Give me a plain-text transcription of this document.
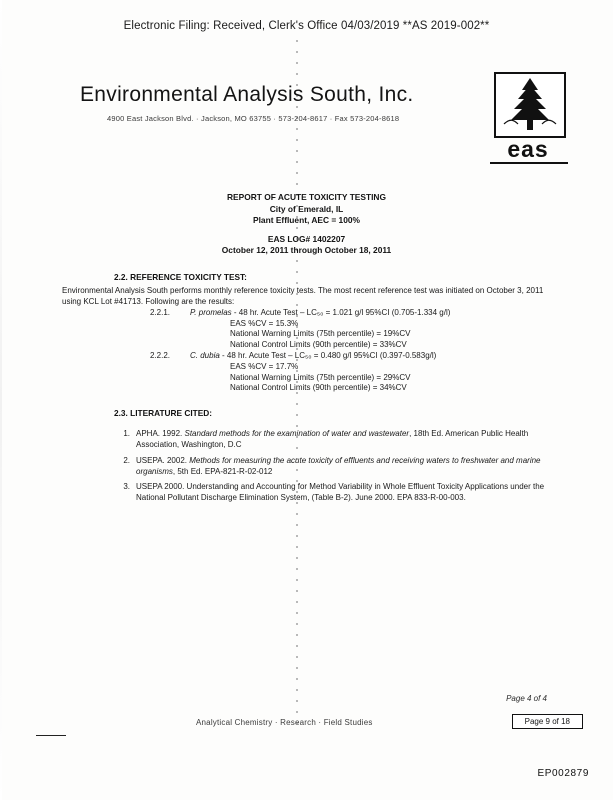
Electronic Filing: Received, Clerk's Office 04/03/2019 **AS 2019-002**
Environmental Analysis South, Inc.
4900 East Jackson Blvd. · Jackson, MO 63755 · 573-204-8617 · Fax 573-204-8618
eas
REPORT OF ACUTE TOXICITY TESTING
City of Emerald, IL
Plant Effluent, AEC = 100%
EAS LOG# 1402207
October 12, 2011 through October 18, 2011
2.2. REFERENCE TOXICITY TEST:
Environmental Analysis South performs monthly reference toxicity tests. The most recent reference test was initiated on October 3, 2011 using KCL Lot #41713. Following are the results:
2.2.1.	P. promelas - 48 hr. Acute Test – LC₅₀ = 1.021 g/l 95%CI (0.705-1.334 g/l)
EAS %CV = 15.3%
National Warning Limits (75th percentile) = 19%CV
National Control Limits (90th percentile) = 33%CV
2.2.2.	C. dubia - 48 hr. Acute Test – LC₅₀ = 0.480 g/l 95%CI (0.397-0.583g/l)
EAS %CV = 17.7%
National Warning Limits (75th percentile) = 29%CV
National Control Limits (90th percentile) = 34%CV
2.3. LITERATURE CITED:
1. APHA. 1992. Standard methods for the examination of water and wastewater, 18th Ed. American Public Health Association, Washington, D.C
2. USEPA. 2002. Methods for measuring the acute toxicity of effluents and receiving waters to freshwater and marine organisms, 5th Ed. EPA-821-R-02-012
3. USEPA 2000. Understanding and Accounting for Method Variability in Whole Effluent Toxicity Applications under the National Pollutant Discharge Elimination System, (Table B-2). June 2000. EPA 833-R-00-003.
Page 4 of 4
Analytical Chemistry · Research · Field Studies	Page 9 of 18
EP002879
